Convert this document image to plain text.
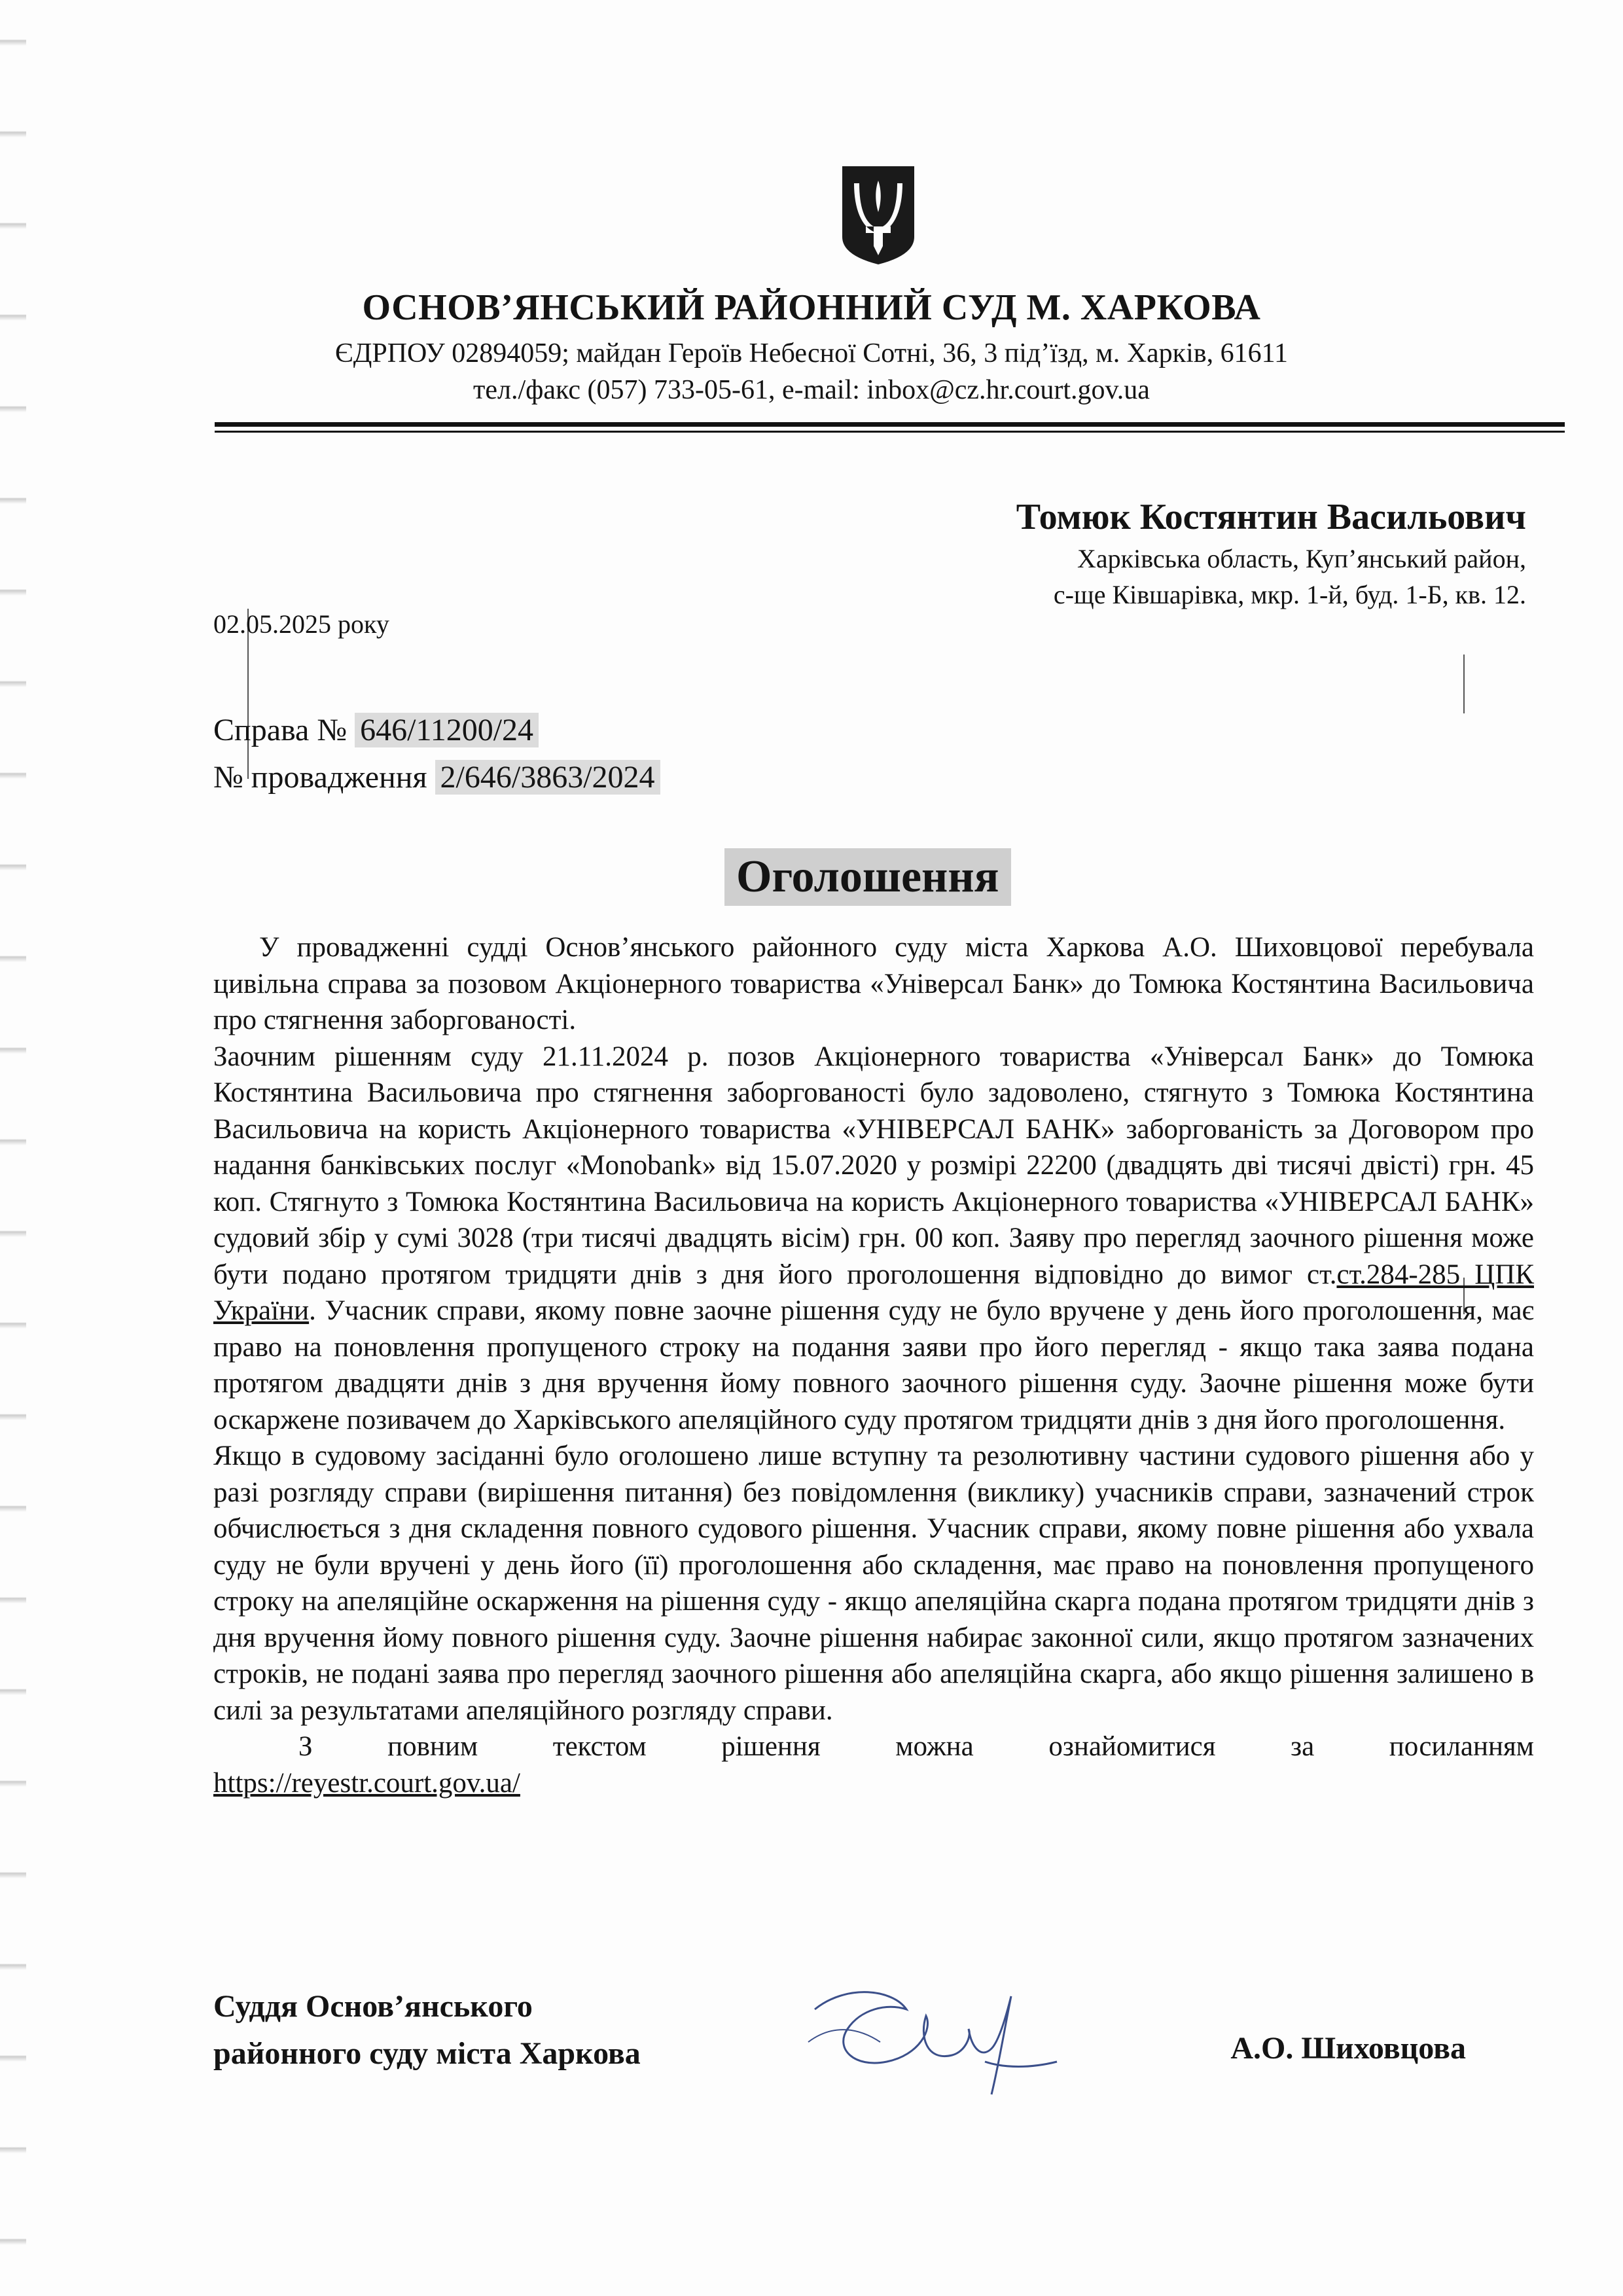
ОСНОВ’ЯНСЬКИЙ РАЙОННИЙ СУД М. ХАРКОВА
ЄДРПОУ 02894059; майдан Героїв Небесної Сотні, 36, 3 під’їзд, м. Харків, 61611
тел./факс (057) 733-05-61, e-mail: inbox@cz.hr.court.gov.ua
Томюк Костянтин Васильович
Харківська область, Куп’янський район,
с-ще Ківшарівка, мкр. 1-й, буд. 1-Б, кв. 12.
02.05.2025 року
Справа № 646/11200/24
№ провадження 2/646/3863/2024
Оголошення

У провадженні судді Основ’янського районного суду міста Харкова А.О. Шиховцової перебувала цивільна справа за позовом Акціонерного товариства «Універсал Банк» до Томюка Костянтина Васильовича про стягнення заборгованості.

Заочним рішенням суду 21.11.2024 р. позов Акціонерного товариства «Універсал Банк» до Томюка Костянтина Васильовича про стягнення заборгованості було задоволено, стягнуто з Томюка Костянтина Васильовича на користь Акціонерного товариства «УНІВЕРСАЛ БАНК» заборгованість за Договором про надання банківських послуг «Monobank» від 15.07.2020 у розмірі 22200 (двадцять дві тисячі двісті) грн. 45 коп. Стягнуто з Томюка Костянтина Васильовича на користь Акціонерного товариства «УНІВЕРСАЛ БАНК» судовий збір у сумі 3028 (три тисячі двадцять вісім) грн. 00 коп. Заяву про перегляд заочного рішення може бути подано протягом тридцяти днів з дня його проголошення відповідно до вимог ст.ст.284-285 ЦПК України. Учасник справи, якому повне заочне рішення суду не було вручене у день його проголошення, має право на поновлення пропущеного строку на подання заяви про його перегляд - якщо така заява подана протягом двадцяти днів з дня вручення йому повного заочного рішення суду. Заочне рішення може бути оскаржене позивачем до Харківського апеляційного суду протягом тридцяти днів з дня його проголошення.

Якщо в судовому засіданні було оголошено лише вступну та резолютивну частини судового рішення або у разі розгляду справи (вирішення питання) без повідомлення (виклику) учасників справи, зазначений строк обчислюється з дня складення повного судового рішення. Учасник справи, якому повне рішення або ухвала суду не були вручені у день його (її) проголошення або складення, має право на поновлення пропущеного строку на апеляційне оскарження на рішення суду - якщо апеляційна скарга подана протягом тридцяти днів з дня вручення йому повного рішення суду. Заочне рішення набирає законної сили, якщо протягом зазначених строків, не подані заява про перегляд заочного рішення або апеляційна скарга, або якщо рішення залишено в силі за результатами апеляційного розгляду справи.

З повним текстом рішення можна ознайомитися за посиланням

https://reyestr.court.gov.ua/

Суддя Основ’янського
районного суду міста Харкова	А.О. Шиховцова
